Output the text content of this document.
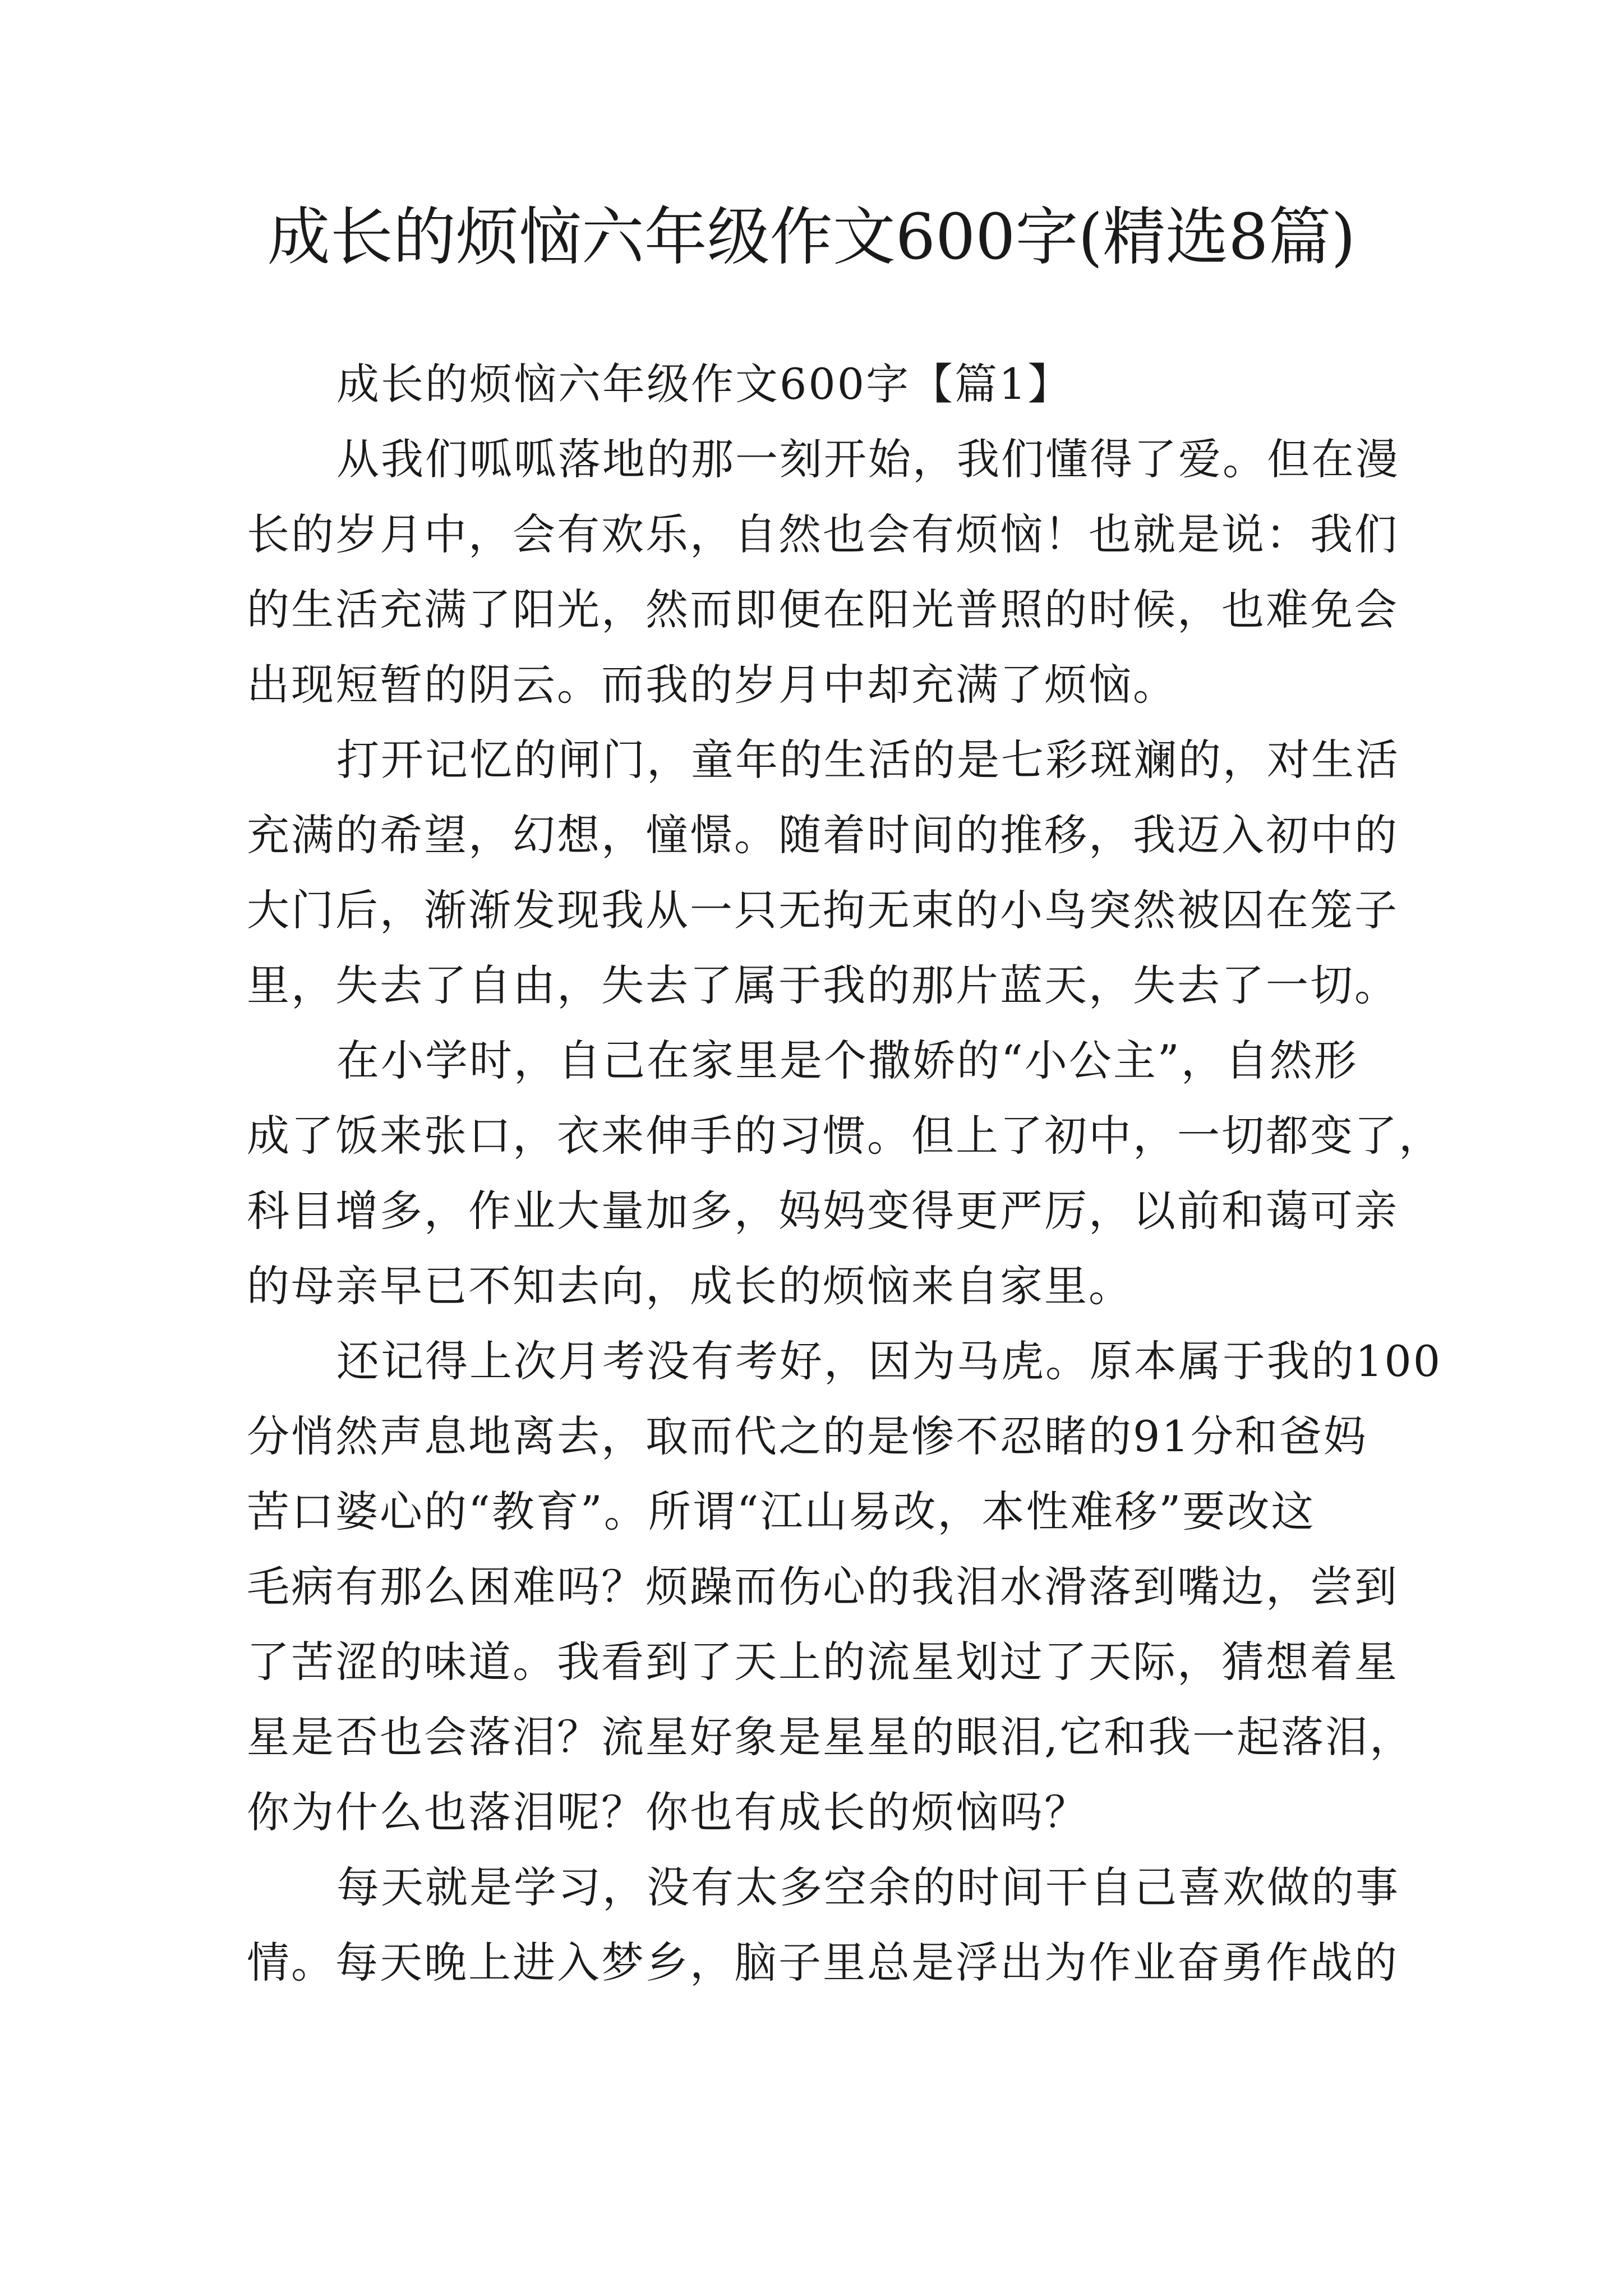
成长的烦恼六年级作文600字(精选8篇)
成长的烦恼六年级作文600字【篇1】
从我们呱呱落地的那一刻开始，我们懂得了爱。但在漫
长的岁月中，会有欢乐，自然也会有烦恼！也就是说：我们
的生活充满了阳光，然而即便在阳光普照的时候，也难免会
出现短暂的阴云。而我的岁月中却充满了烦恼。
打开记忆的闸门，童年的生活的是七彩斑斓的，对生活
充满的希望，幻想，憧憬。随着时间的推移，我迈入初中的
大门后，渐渐发现我从一只无拘无束的小鸟突然被囚在笼子
里，失去了自由，失去了属于我的那片蓝天，失去了一切。
在小学时，自己在家里是个撒娇的“小公主”，自然形
成了饭来张口，衣来伸手的习惯。但上了初中，一切都变了，
科目增多，作业大量加多，妈妈变得更严厉，以前和蔼可亲
的母亲早已不知去向，成长的烦恼来自家里。
还记得上次月考没有考好，因为马虎。原本属于我的100
分悄然声息地离去，取而代之的是惨不忍睹的91分和爸妈
苦口婆心的“教育”。所谓“江山易改，本性难移”要改这
毛病有那么困难吗？烦躁而伤心的我泪水滑落到嘴边，尝到
了苦涩的味道。我看到了天上的流星划过了天际，猜想着星
星是否也会落泪？流星好象是星星的眼泪,它和我一起落泪，
你为什么也落泪呢？你也有成长的烦恼吗？
每天就是学习，没有太多空余的时间干自己喜欢做的事
情。每天晚上进入梦乡，脑子里总是浮出为作业奋勇作战的
